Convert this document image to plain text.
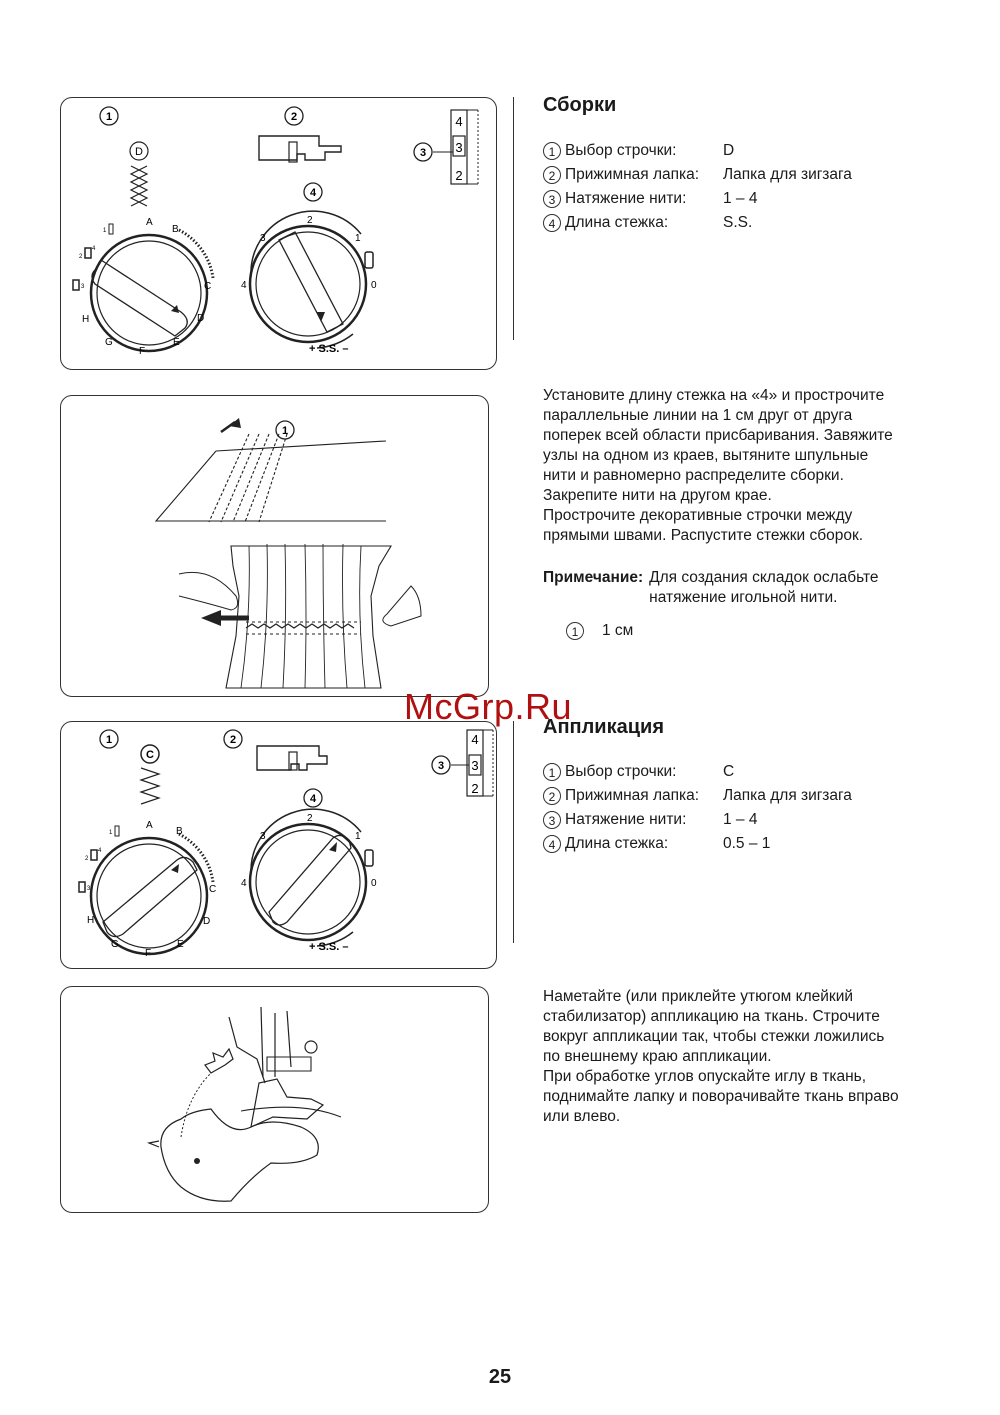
1	2
3
4
D
4
3
2
A
B
C
D
E
F
G
H
1
2
4
3
2
3	1
4	0
+ S.S. –
1
1	2
3
4
C
4
3
2
A
B
C
D
E
F
G
H
1
2
4
3
2
3	1
4	0
+ S.S. –
Сборки
1 Выбор строчки:	D
2 Прижимная лапка:	Лапка для зигзага
3 Натяжение нити:	1 – 4
4 Длина стежка:	S.S.
Установите длину стежка на «4» и прострочите
параллельные линии на 1 см друг от друга
поперек всей области присбаривания. Завяжите
узлы на одном из краев, вытяните шпульные
нити и равномерно распределите сборки.
Закрепите нити на другом крае.
Прострочите декоративные строчки между
прямыми швами. Распустите стежки сборок.
Примечание: Для создания складок ослабьте
натяжение игольной нити.
1	1 см
Аппликация
1 Выбор строчки:	C
2 Прижимная лапка:	Лапка для зигзага
3 Натяжение нити:	1 – 4
4 Длина стежка:	0.5 – 1
Наметайте (или приклейте утюгом клейкий
стабилизатор) аппликацию на ткань. Строчите
вокруг аппликации так, чтобы стежки ложились
по внешнему краю аппликации.
При обработке углов опускайте иглу в ткань,
поднимайте лапку и поворачивайте ткань вправо
или влево.
McGrp.Ru
25
